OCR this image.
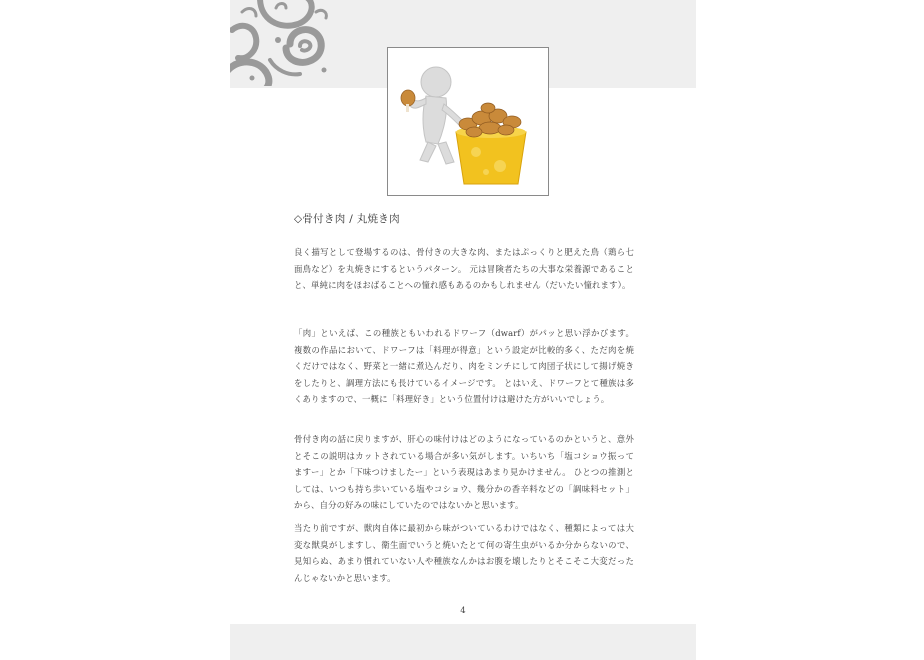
◇骨付き肉 / 丸焼き肉

良く描写として登場するのは、骨付きの大きな肉、またはぷっくりと肥えた鳥（鶏ら七面鳥など）を丸焼きにするというパターン。 元は冒険者たちの大事な栄養源であることと、単純に肉をほおばることへの憧れ感もあるのかもしれません（だいたい憧れます）。

「肉」といえば、この種族ともいわれるドワーフ（dwarf）がパッと思い浮かびます。 複数の作品において、ドワーフは「料理が得意」という設定が比較的多く、ただ肉を焼くだけではなく、野菜と一緒に煮込んだり、肉をミンチにして肉団子状にして揚げ焼きをしたりと、調理方法にも長けているイメージです。 とはいえ、ドワーフとて種族は多くありますので、一概に「料理好き」という位置付けは避けた方がいいでしょう。

骨付き肉の話に戻りますが、肝心の味付けはどのようになっているのかというと、意外とそこの説明はカットされている場合が多い気がします。いちいち「塩コショウ振ってますー」とか「下味つけましたー」という表現はあまり見かけません。 ひとつの推測としては、いつも持ち歩いている塩やコショウ、幾分かの香辛料などの「調味料セット」から、自分の好みの味にしていたのではないかと思います。

当たり前ですが、獣肉自体に最初から味がついているわけではなく、種類によっては大変な獣臭がしますし、衛生面でいうと焼いたとて何の寄生虫がいるか分からないので、見知らぬ、あまり慣れていない人や種族なんかはお腹を壊したりとそこそこ大変だったんじゃないかと思います。

4
